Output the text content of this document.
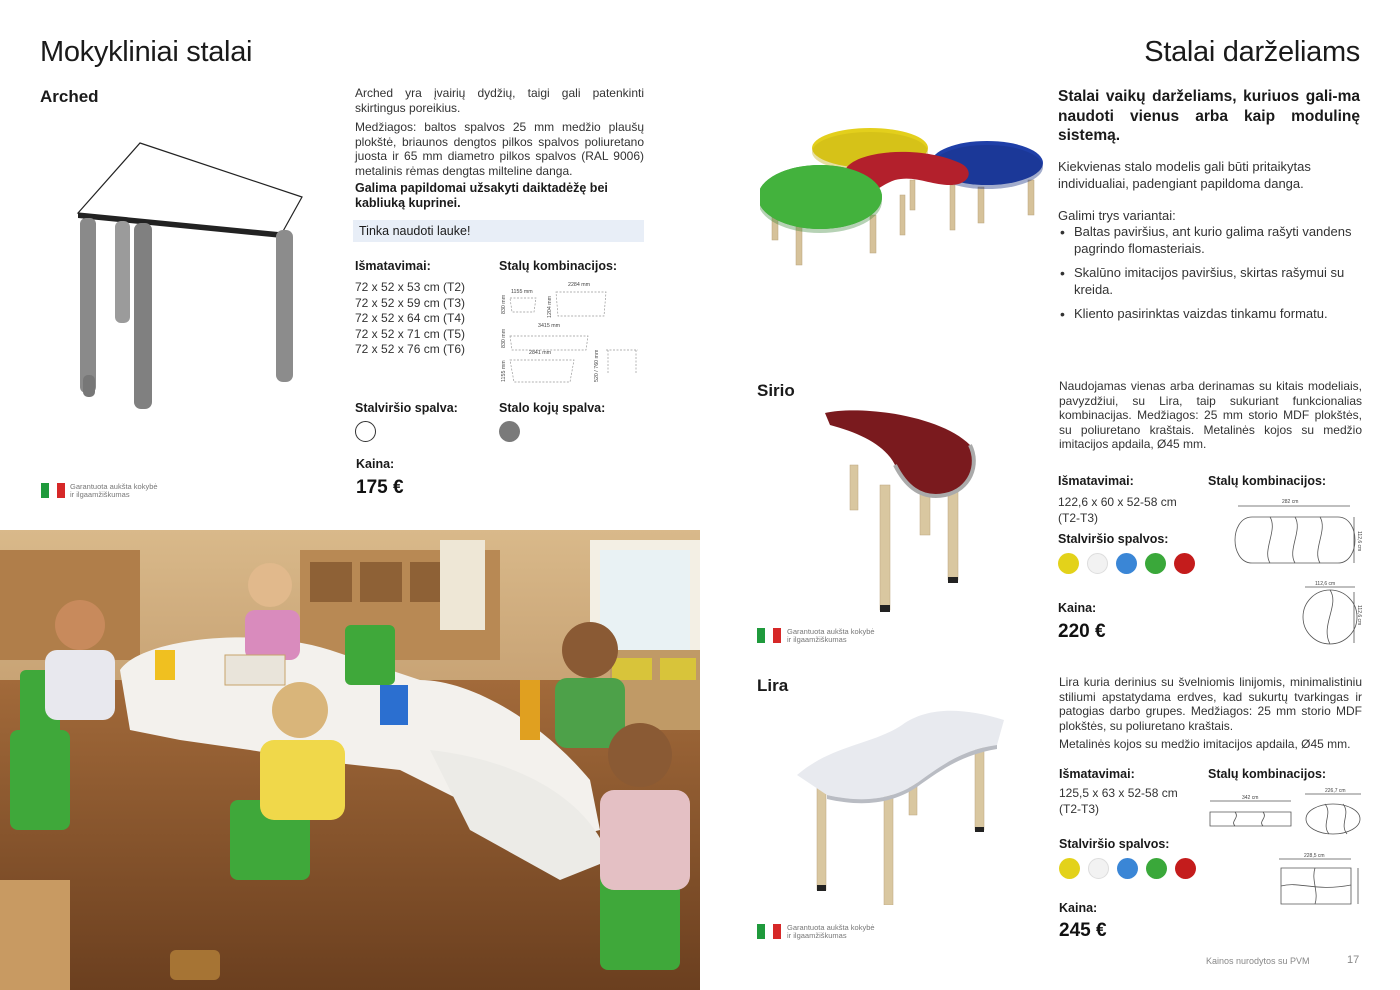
Mokykliniai stalai
Arched	Arched yra įvairių dydžių, taigi gali patenkinti skirtingus poreikius.
Medžiagos: baltos spalvos 25 mm medžio plaušų plokštė, briaunos dengtos pilkos spalvos poliuretano juosta ir 65 mm diametro pilkos spalvos (RAL 9006) metalinis rėmas dengtas milteline danga.
Galima papildomai užsakyti daiktadėžę bei kabliuką kuprinei.
Tinka naudoti lauke!
Išmatavimai:
72 x 52 x 53 cm (T2)
72 x 52 x 59 cm (T3)
72 x 52 x 64 cm (T4)
72 x 52 x 71 cm (T5)
72 x 52 x 76 cm (T6)
Stalų kombinacijos:
1155 mm
2284 mm
830 mm	1204 mm
3415 mm
830 mm
2841 mm
1155 mm	520 / 760 mm
Stalviršio spalva:	Stalo kojų spalva:
Kaina:
175 €
Garantuota aukšta kokybė
ir ilgaamžiškumas
Stalai darželiams
Stalai vaikų darželiams, kuriuos gali-ma naudoti vienus arba kaip modulinę sistemą.
Kiekvienas stalo modelis gali būti pritaikytas individualiai, padengiant papildoma danga.
Galimi trys variantai:
• Baltas paviršius, ant kurio galima rašyti vandens pagrindo flomasteriais.
• Skalūno imitacijos paviršius, skirtas rašymui su kreida.
• Kliento pasirinktas vaizdas tinkamu formatu.
Sirio	Naudojamas vienas arba derinamas su kitais modeliais, pavyzdžiui, su Lira, taip sukuriant funkcionalias kombinacijas. Medžiagos: 25 mm storio MDF plokštės, su poliuretano kraštais. Metalinės kojos su medžio imitacijos apdaila, Ø45 mm.
Išmatavimai:
122,6 x 60 x 52-58 cm (T2-T3)
Stalų kombinacijos:
282 cm
112,6 cm
112,6 cm
112,6 cm
Stalviršio spalvos:
Kaina:
220 €
Garantuota aukšta kokybė
ir ilgaamžiškumas
Lira	Lira kuria derinius su švelniomis linijomis, minimalistiniu stiliumi apstatydama erdves, kad sukurtų tvarkingas ir patogias darbo grupes. Medžiagos: 25 mm storio MDF plokštės, su poliuretano kraštais.
Metalinės kojos su medžio imitacijos apdaila, Ø45 mm.
Išmatavimai:
125,5 x 63 x 52-58 cm (T2-T3)
Stalų kombinacijos:
342 cm
226,7 cm
228,5 cm
Stalviršio spalvos:
Kaina:
245 €
Garantuota aukšta kokybė
ir ilgaamžiškumas
Kainos nurodytos su PVM	17
